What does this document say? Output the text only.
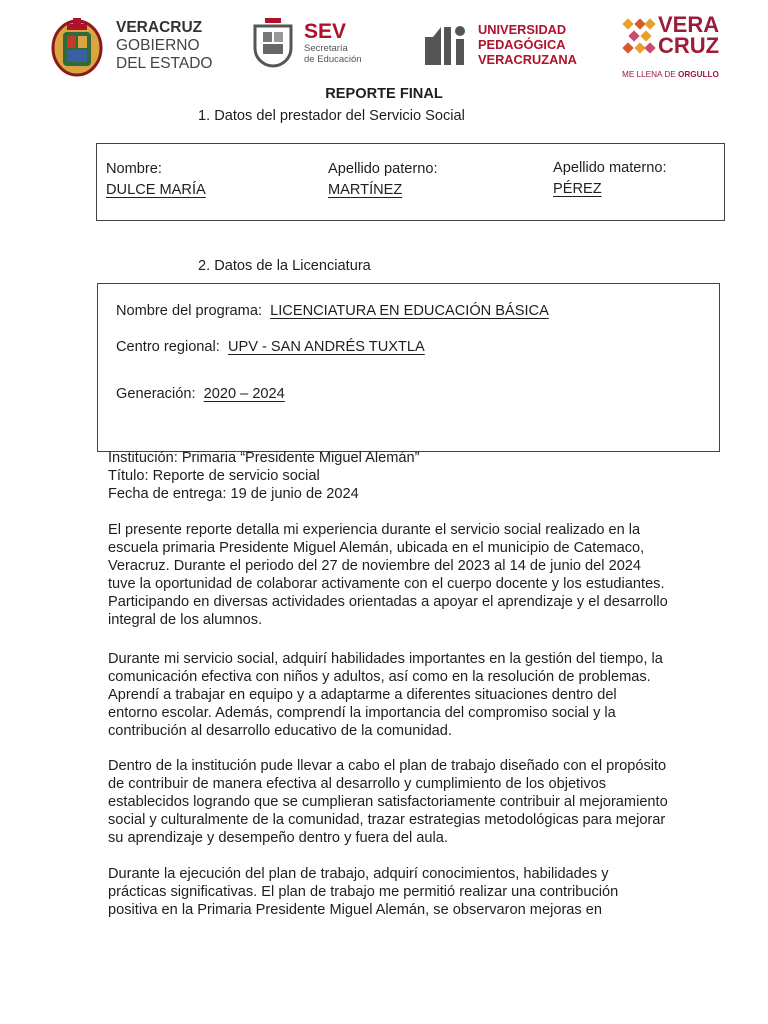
VERACRUZ
GOBIERNO
DEL ESTADO
SEV
Secretaría
de Educación
UNIVERSIDAD
PEDAGÓGICA
VERACRUZANA
VERA
CRUZ
ME LLENA DE ORGULLO
REPORTE FINAL
1. Datos del prestador del Servicio Social
Nombre:
DULCE MARÍA
Apellido paterno:
MARTÍNEZ
Apellido materno:
PÉREZ
2. Datos de la Licenciatura
Nombre del programa: LICENCIATURA EN EDUCACIÓN BÁSICA
Centro regional: UPV - SAN ANDRÉS TUXTLA
Generación: 2020 – 2024

Institución: Primaria “Presidente Miguel Alemán”

Título: Reporte de servicio social

Fecha de entrega: 19 de junio de 2024

El presente reporte detalla mi experiencia durante el servicio social realizado en la escuela primaria Presidente Miguel Alemán, ubicada en el municipio de Catemaco, Veracruz. Durante el periodo del 27 de noviembre del 2023 al 14 de junio del 2024 tuve la oportunidad de colaborar activamente con el cuerpo docente y los estudiantes. Participando en diversas actividades orientadas a apoyar el aprendizaje y el desarrollo integral de los alumnos.
Durante mi servicio social, adquirí habilidades importantes en la gestión del tiempo, la comunicación efectiva con niños y adultos, así como en la resolución de problemas. Aprendí a trabajar en equipo y a adaptarme a diferentes situaciones dentro del entorno escolar. Además, comprendí la importancia del compromiso social y la contribución al desarrollo educativo de la comunidad.
Dentro de la institución pude llevar a cabo el plan de trabajo diseñado con el propósito de contribuir de manera efectiva al desarrollo y cumplimiento de los objetivos establecidos logrando que se cumplieran satisfactoriamente contribuir al mejoramiento social y culturalmente de la comunidad, trazar estrategias metodológicas para mejorar su aprendizaje y desempeño dentro y fuera del aula.
Durante la ejecución del plan de trabajo, adquirí conocimientos, habilidades y prácticas significativas. El plan de trabajo me permitió realizar una contribución positiva en la Primaria Presidente Miguel Alemán, se observaron mejoras en
